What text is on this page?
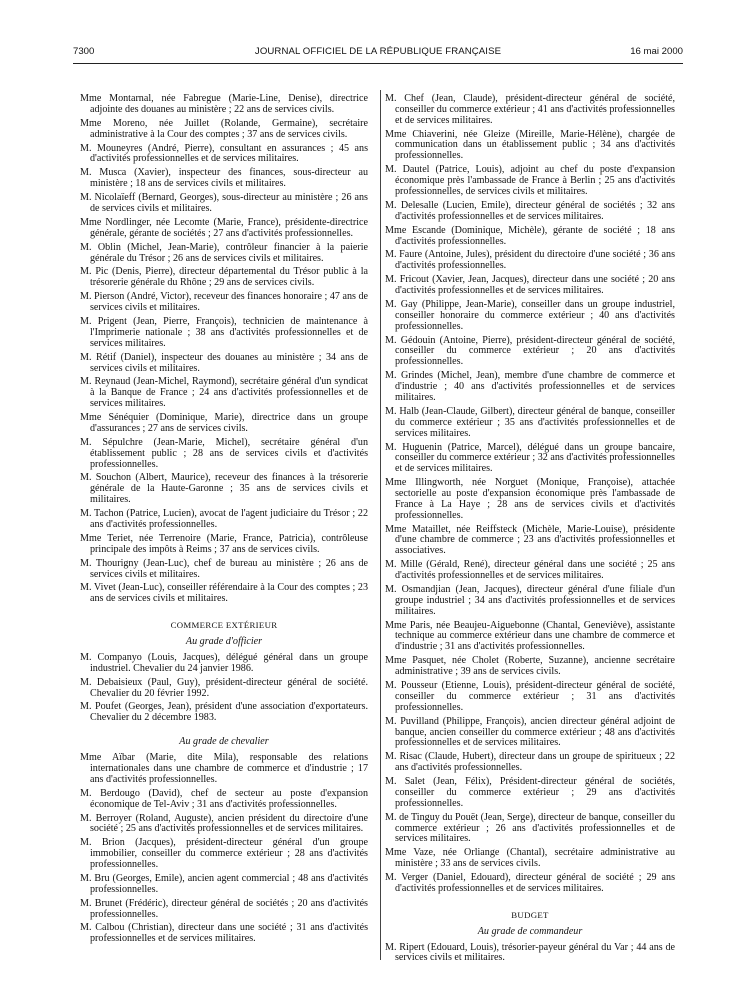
7300	JOURNAL OFFICIEL DE LA RÉPUBLIQUE FRANÇAISE	16 mai 2000

Mme Montarnal, née Fabregue (Marie-Line, Denise), directrice adjointe des douanes au ministère ; 22 ans de services civils.

Mme Moreno, née Juillet (Rolande, Germaine), secrétaire administrative à la Cour des comptes ; 37 ans de services civils.

M. Mouneyres (André, Pierre), consultant en assurances ; 45 ans d'activités professionnelles et de services militaires.

M. Musca (Xavier), inspecteur des finances, sous-directeur au ministère ; 18 ans de services civils et militaires.

M. Nicolaïeff (Bernard, Georges), sous-directeur au ministère ; 26 ans de services civils et militaires.

Mme Nordlinger, née Lecomte (Marie, France), présidente-directrice générale, gérante de sociétés ; 27 ans d'activités professionnelles.

M. Oblin (Michel, Jean-Marie), contrôleur financier à la paierie générale du Trésor ; 26 ans de services civils et militaires.

M. Pic (Denis, Pierre), directeur départemental du Trésor public à la trésorerie générale du Rhône ; 29 ans de services civils.

M. Pierson (André, Victor), receveur des finances honoraire ; 47 ans de services civils et militaires.

M. Prigent (Jean, Pierre, François), technicien de maintenance à l'Imprimerie nationale ; 38 ans d'activités professionnelles et de services militaires.

M. Rétif (Daniel), inspecteur des douanes au ministère ; 34 ans de services civils et militaires.

M. Reynaud (Jean-Michel, Raymond), secrétaire général d'un syndicat à la Banque de France ; 24 ans d'activités professionnelles et de services militaires.

Mme Sénéquier (Dominique, Marie), directrice dans un groupe d'assurances ; 27 ans de services civils.

M. Sépulchre (Jean-Marie, Michel), secrétaire général d'un établissement public ; 28 ans de services civils et d'activités professionnelles.

M. Souchon (Albert, Maurice), receveur des finances à la trésorerie générale de la Haute-Garonne ; 35 ans de services civils et militaires.

M. Tachon (Patrice, Lucien), avocat de l'agent judiciaire du Trésor ; 22 ans d'activités professionnelles.

Mme Teriet, née Terrenoire (Marie, France, Patricia), contrôleuse principale des impôts à Reims ; 37 ans de services civils.

M. Thourigny (Jean-Luc), chef de bureau au ministère ; 26 ans de services civils et militaires.

M. Vivet (Jean-Luc), conseiller référendaire à la Cour des comptes ; 23 ans de services civils et militaires.

COMMERCE EXTÉRIEUR
Au grade d'officier

M. Companyo (Louis, Jacques), délégué général dans un groupe industriel. Chevalier du 24 janvier 1986.

M. Debaisieux (Paul, Guy), président-directeur général de société. Chevalier du 20 février 1992.

M. Poufet (Georges, Jean), président d'une association d'exportateurs. Chevalier du 2 décembre 1983.

Au grade de chevalier

Mme Aïbar (Marie, dite Mila), responsable des relations internationales dans une chambre de commerce et d'industrie ; 17 ans d'activités professionnelles.

M. Berdougo (David), chef de secteur au poste d'expansion économique de Tel-Aviv ; 31 ans d'activités professionnelles.

M. Berroyer (Roland, Auguste), ancien président du directoire d'une société ; 25 ans d'activités professionnelles et de services militaires.

M. Brion (Jacques), président-directeur général d'un groupe immobilier, conseiller du commerce extérieur ; 28 ans d'activités professionnelles.

M. Bru (Georges, Emile), ancien agent commercial ; 48 ans d'activités professionnelles.

M. Brunet (Frédéric), directeur général de sociétés ; 20 ans d'activités professionnelles.

M. Calbou (Christian), directeur dans une société ; 31 ans d'activités professionnelles et de services militaires.

M. Chef (Jean, Claude), président-directeur général de société, conseiller du commerce extérieur ; 41 ans d'activités professionnelles et de services militaires.

Mme Chiaverini, née Gleize (Mireille, Marie-Hélène), chargée de communication dans un établissement public ; 34 ans d'activités professionnelles.

M. Dautel (Patrice, Louis), adjoint au chef du poste d'expansion économique près l'ambassade de France à Berlin ; 25 ans d'activités professionnelles, de services civils et militaires.

M. Delesalle (Lucien, Emile), directeur général de sociétés ; 32 ans d'activités professionnelles et de services militaires.

Mme Escande (Dominique, Michèle), gérante de société ; 18 ans d'activités professionnelles.

M. Faure (Antoine, Jules), président du directoire d'une société ; 36 ans d'activités professionnelles.

M. Fricout (Xavier, Jean, Jacques), directeur dans une société ; 20 ans d'activités professionnelles et de services militaires.

M. Gay (Philippe, Jean-Marie), conseiller dans un groupe industriel, conseiller honoraire du commerce extérieur ; 40 ans d'activités professionnelles.

M. Gédouin (Antoine, Pierre), président-directeur général de société, conseiller du commerce extérieur ; 20 ans d'activités professionnelles.

M. Grindes (Michel, Jean), membre d'une chambre de commerce et d'industrie ; 40 ans d'activités professionnelles et de services militaires.

M. Halb (Jean-Claude, Gilbert), directeur général de banque, conseiller du commerce extérieur ; 35 ans d'activités professionnelles et de services militaires.

M. Huguenin (Patrice, Marcel), délégué dans un groupe bancaire, conseiller du commerce extérieur ; 32 ans d'activités professionnelles et de services militaires.

Mme Illingworth, née Norguet (Monique, Françoise), attachée sectorielle au poste d'expansion économique près l'ambassade de France à La Haye ; 28 ans de services civils et d'activités professionnelles.

Mme Mataillet, née Reiffsteck (Michèle, Marie-Louise), présidente d'une chambre de commerce ; 23 ans d'activités professionnelles et associatives.

M. Mille (Gérald, René), directeur général dans une société ; 25 ans d'activités professionnelles et de services militaires.

M. Osmandjian (Jean, Jacques), directeur général d'une filiale d'un groupe industriel ; 34 ans d'activités professionnelles et de services militaires.

Mme Paris, née Beaujeu-Aiguebonne (Chantal, Geneviève), assistante technique au commerce extérieur dans une chambre de commerce et d'industrie ; 31 ans d'activités professionnelles.

Mme Pasquet, née Cholet (Roberte, Suzanne), ancienne secrétaire administrative ; 39 ans de services civils.

M. Pousseur (Etienne, Louis), président-directeur général de société, conseiller du commerce extérieur ; 31 ans d'activités professionnelles.

M. Puvilland (Philippe, François), ancien directeur général adjoint de banque, ancien conseiller du commerce extérieur ; 48 ans d'activités professionnelles et de services militaires.

M. Risac (Claude, Hubert), directeur dans un groupe de spiritueux ; 22 ans d'activités professionnelles.

M. Salet (Jean, Félix), Président-directeur général de sociétés, conseiller du commerce extérieur ; 29 ans d'activités professionnelles.

M. de Tinguy du Pouët (Jean, Serge), directeur de banque, conseiller du commerce extérieur ; 26 ans d'activités professionnelles et de services militaires.

Mme Vaze, née Orliange (Chantal), secrétaire administrative au ministère ; 33 ans de services civils.

M. Verger (Daniel, Edouard), directeur général de société ; 29 ans d'activités professionnelles et de services militaires.

BUDGET
Au grade de commandeur

M. Ripert (Edouard, Louis), trésorier-payeur général du Var ; 44 ans de services civils et militaires.
